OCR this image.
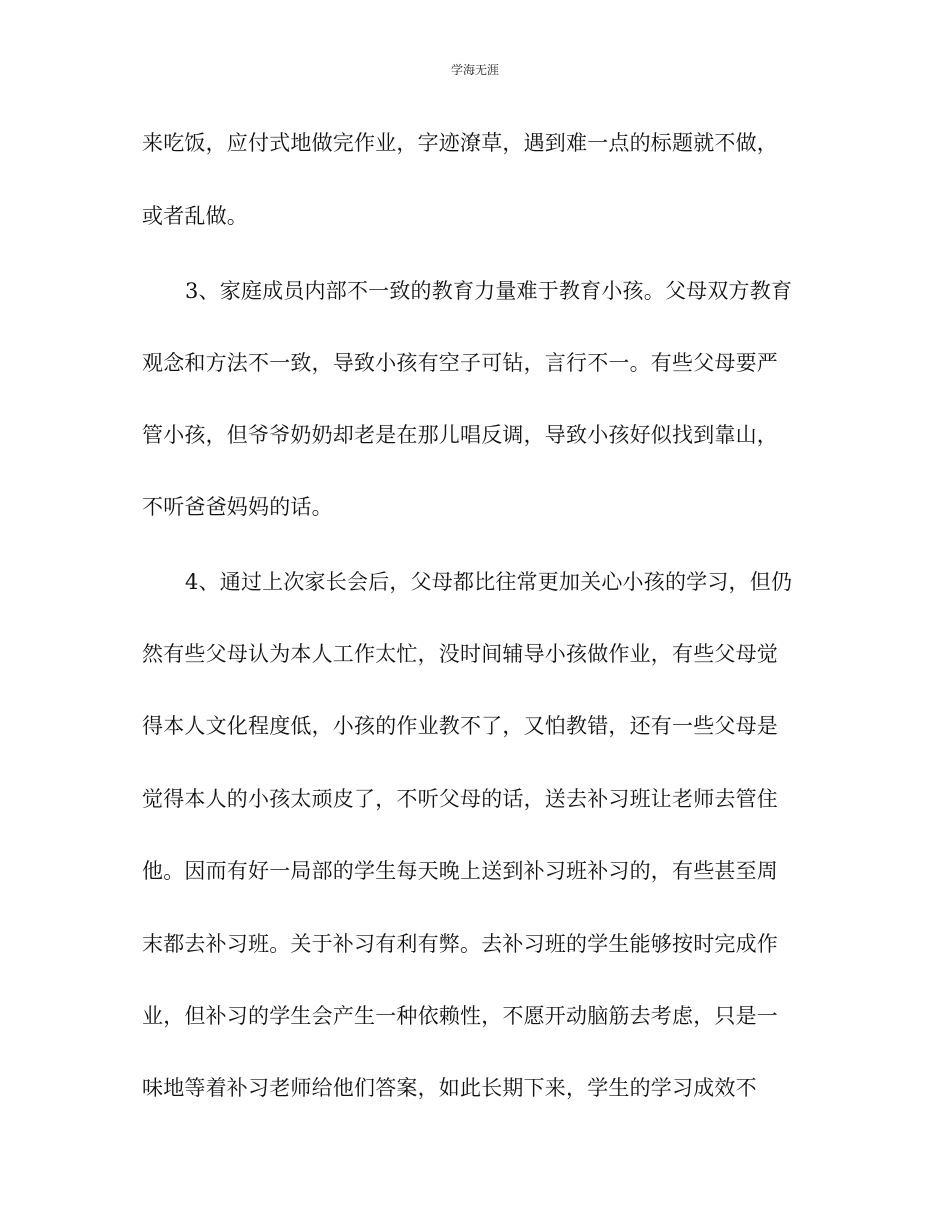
学海无涯
来吃饭，应付式地做完作业，字迹潦草，遇到难一点的标题就不做，
或者乱做。
3、家庭成员内部不一致的教育力量难于教育小孩。父母双方教育
观念和方法不一致，导致小孩有空子可钻，言行不一。有些父母要严
管小孩，但爷爷奶奶却老是在那儿唱反调，导致小孩好似找到靠山，
不听爸爸妈妈的话。
4、通过上次家长会后，父母都比往常更加关心小孩的学习，但仍
然有些父母认为本人工作太忙，没时间辅导小孩做作业，有些父母觉
得本人文化程度低，小孩的作业教不了，又怕教错，还有一些父母是
觉得本人的小孩太顽皮了，不听父母的话，送去补习班让老师去管住
他。因而有好一局部的学生每天晚上送到补习班补习的，有些甚至周
末都去补习班。关于补习有利有弊。去补习班的学生能够按时完成作
业，但补习的学生会产生一种依赖性，不愿开动脑筋去考虑，只是一
味地等着补习老师给他们答案，如此长期下来，学生的学习成效不
